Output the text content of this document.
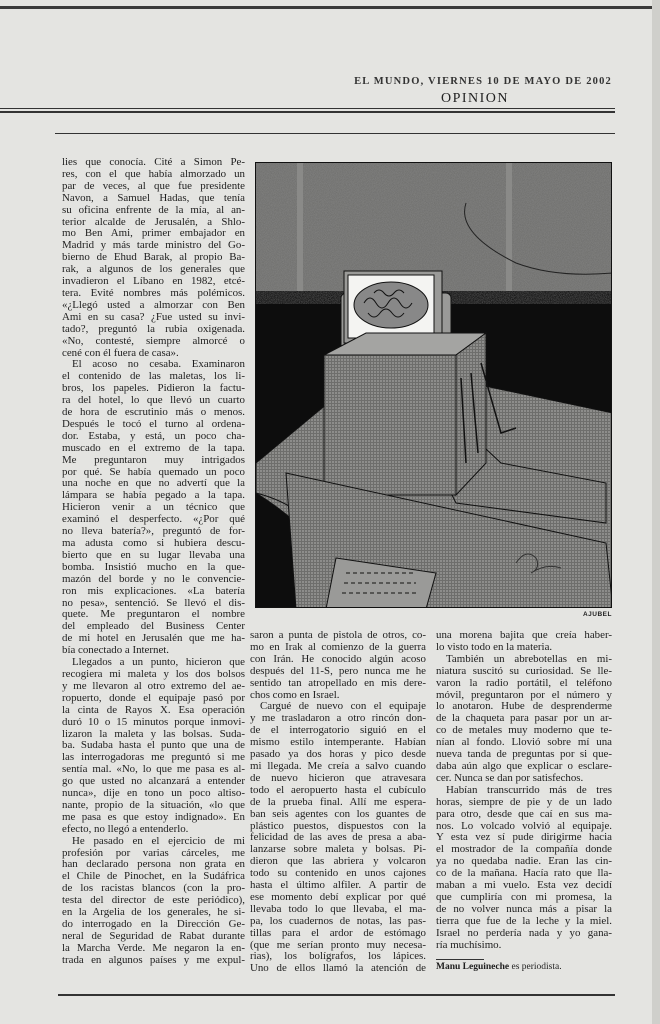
EL MUNDO, VIERNES 10 DE MAYO DE 2002
OPINION
lies que conocía. Cité a Simon Pe-
res, con el que había almorzado un
par de veces, al que fue presidente
Navon, a Samuel Hadas, que tenía
su oficina enfrente de la mía, al an-
terior alcalde de Jerusalén, a Shlo-
mo Ben Ami, primer embajador en
Madrid y más tarde ministro del Go-
bierno de Ehud Barak, al propio Ba-
rak, a algunos de los generales que
invadieron el Líbano en 1982, etcé-
tera. Evité nombres más polémicos.
«¿Llegó usted a almorzar con Ben
Ami en su casa? ¿Fue usted su invi-
tado?, preguntó la rubia oxigenada.
«No, contesté, siempre almorcé o
cené con él fuera de casa».
El acoso no cesaba. Examinaron
el contenido de las maletas, los li-
bros, los papeles. Pidieron la factu-
ra del hotel, lo que llevó un cuarto
de hora de escrutinio más o menos.
Después le tocó el turno al ordena-
dor. Estaba, y está, un poco cha-
muscado en el extremo de la tapa.
Me preguntaron muy intrigados
por qué. Se había quemado un poco
una noche en que no advertí que la
lámpara se había pegado a la tapa.
Hicieron venir a un técnico que
examinó el desperfecto. «¿Por qué
no lleva batería?», preguntó de for-
ma adusta como si hubiera descu-
bierto que en su lugar llevaba una
bomba. Insistió mucho en la que-
mazón del borde y no le convencie-
ron mis explicaciones. «La batería
no pesa», sentenció. Se llevó el dis-
quete. Me preguntaron el nombre
del empleado del Business Center
de mi hotel en Jerusalén que me ha-
bía conectado a Internet.
Llegados a un punto, hicieron que
recogiera mi maleta y los dos bolsos
y me llevaron al otro extremo del ae-
ropuerto, donde el equipaje pasó por
la cinta de Rayos X. Esa operación
duró 10 o 15 minutos porque inmovi-
lizaron la maleta y las bolsas. Suda-
ba. Sudaba hasta el punto que una de
las interrogadoras me preguntó si me
sentía mal. «No, lo que me pasa es al-
go que usted no alcanzará a entender
nunca», dije en tono un poco altiso-
nante, propio de la situación, «lo que
me pasa es que estoy indignado». En
efecto, no llegó a entenderlo.
He pasado en el ejercicio de mi
profesión por varias cárceles, me
han declarado persona non grata en
el Chile de Pinochet, en la Sudáfrica
de los racistas blancos (con la pro-
testa del director de este periódico),
en la Argelia de los generales, he si-
do interrogado en la Dirección Ge-
neral de Seguridad de Rabat durante
la Marcha Verde. Me negaron la en-
trada en algunos países y me expul-
saron a punta de pistola de otros, co-
mo en Irak al comienzo de la guerra
con Irán. He conocido algún acoso
después del 11-S, pero nunca me he
sentido tan atropellado en mis dere-
chos como en Israel.
Cargué de nuevo con el equipaje
y me trasladaron a otro rincón don-
de el interrogatorio siguió en el
mismo estilo intemperante. Habían
pasado ya dos horas y pico desde
mi llegada. Me creía a salvo cuando
de nuevo hicieron que atravesara
todo el aeropuerto hasta el cubículo
de la prueba final. Allí me espera-
ban seis agentes con los guantes de
plástico puestos, dispuestos con la
felicidad de las aves de presa a aba-
lanzarse sobre maleta y bolsas. Pi-
dieron que las abriera y volcaron
todo su contenido en unos cajones
hasta el último alfiler. A partir de
ese momento debí explicar por qué
llevaba todo lo que llevaba, el ma-
pa, los cuadernos de notas, las pas-
tillas para el ardor de estómago
(que me serían pronto muy necesa-
rias), los bolígrafos, los lápices.
Uno de ellos llamó la atención de
una morena bajita que creía haber-
lo visto todo en la materia.
También un abrebotellas en mi-
niatura suscitó su curiosidad. Se lle-
varon la radio portátil, el teléfono
móvil, preguntaron por el número y
lo anotaron. Hube de desprenderme
de la chaqueta para pasar por un ar-
co de metales muy moderno que te-
nían al fondo. Llovió sobre mí una
nueva tanda de preguntas por si que-
daba aún algo que explicar o esclare-
cer. Nunca se dan por satisfechos.
Habían transcurrido más de tres
horas, siempre de pie y de un lado
para otro, desde que caí en sus ma-
nos. Lo volcado volvió al equipaje.
Y esta vez sí pude dirigirme hacia
el mostrador de la compañía donde
ya no quedaba nadie. Eran las cin-
co de la mañana. Hacía rato que lla-
maban a mi vuelo. Esta vez decidí
que cumpliría con mi promesa, la
de no volver nunca más a pisar la
tierra que fue de la leche y la miel.
Israel no perdería nada y yo gana-
ría muchísimo.
AJUBEL
Manu Leguineche es periodista.
